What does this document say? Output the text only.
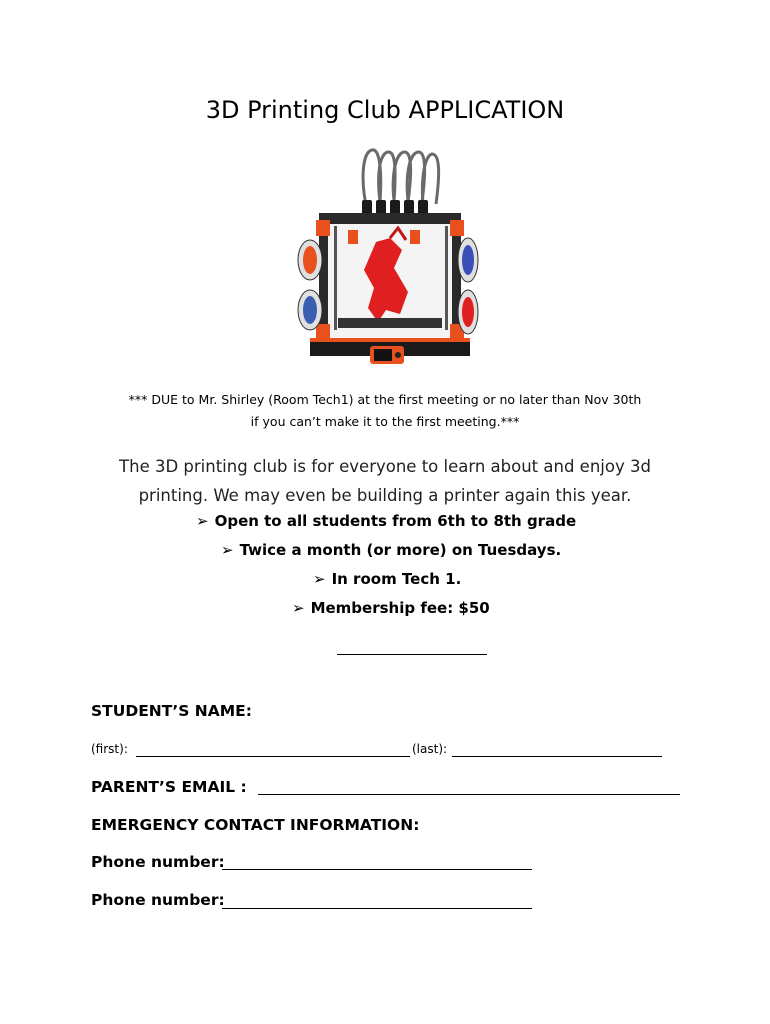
3D Printing Club APPLICATION
*** DUE to Mr. Shirley (Room Tech1) at the first meeting or no later than Nov 30th
if you can’t make it to the first meeting.***
The 3D printing club is for everyone to learn about and enjoy 3d
printing. We may even be building a printer again this year.
➢ Open to all students from 6th to 8th grade
➢ Twice a month (or more) on Tuesdays.
➢ In room Tech 1.
➢ Membership fee: $50
STUDENT’S NAME:
(first):	(last):
PARENT’S EMAIL :
EMERGENCY CONTACT INFORMATION:
Phone number:
Phone number:
